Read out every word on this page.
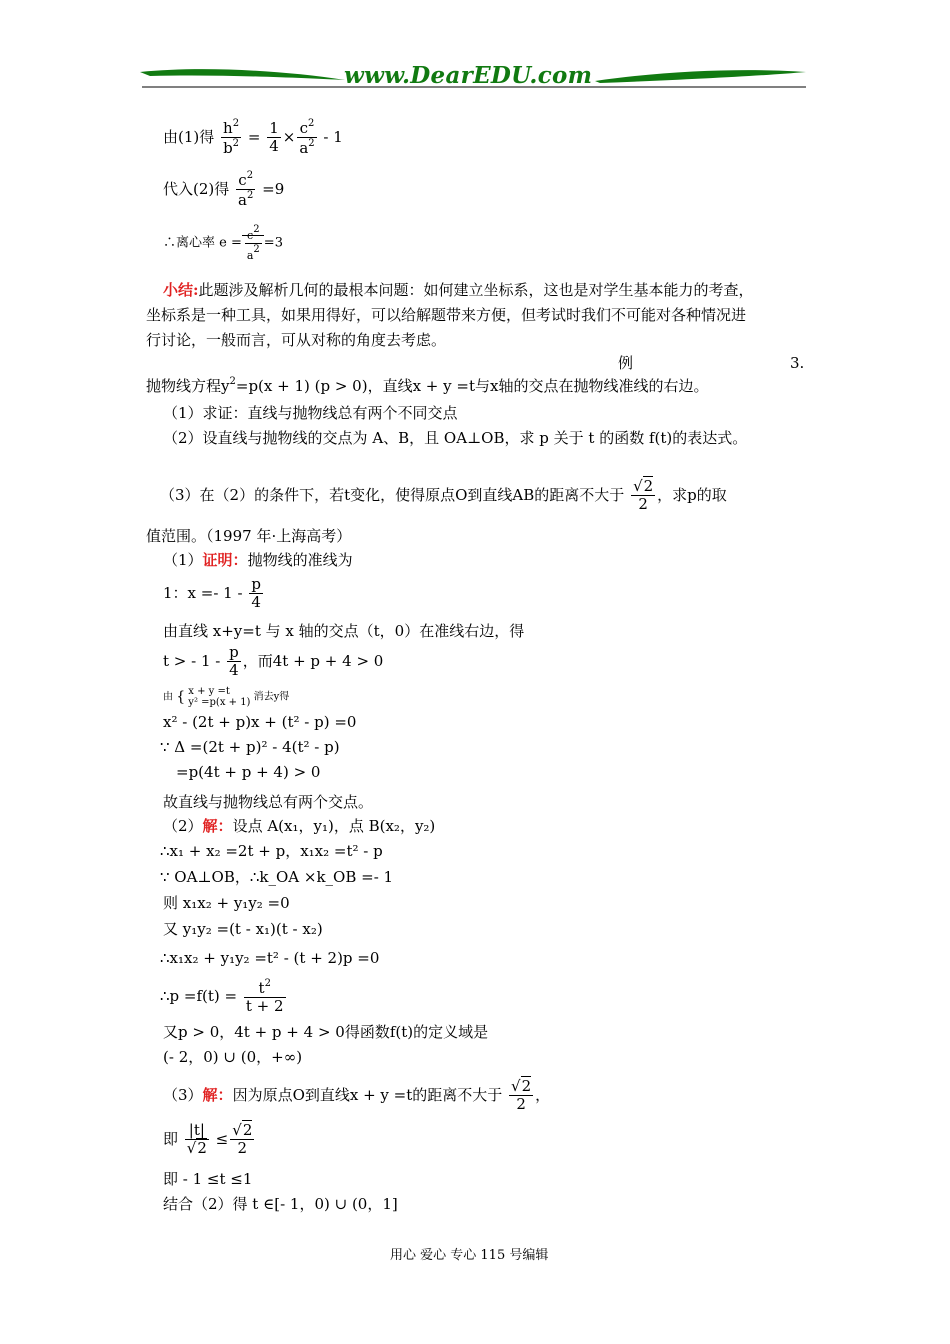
www.DearEDU.com
由(1)得 $\frac{h^2}{b^2} = \frac{1}{4} \times \frac{c^2}{a^2} - 1$
代入(2)得 $\frac{c^2}{a^2} =9$
∴离心率 $e = \frac{c2}{a2} =3$
小结:此题涉及解析几何的最根本问题：如何建立坐标系，这也是对学生基本能力的考查，
坐标系是一种工具，如果用得好，可以给解题带来方便，但考试时我们不可能对各种情况进
行讨论，一般而言，可从对称的角度去考虑。
例	3.
抛物线方程$y^2=p(x + 1) (p > 0)$，直线x + y =t与x轴的交点在抛物线准线的右边。
（1）求证：直线与抛物线总有两个不同交点
（2）设直线与抛物线的交点为 A、B，且 OA⊥OB，求 p 关于 t 的函数 f(t)的表达式。
（3）在（2）的条件下，若t变化，使得原点O到直线AB的距离不大于 $\frac{√2}{2}$ ，求p的取
值范围。（1997 年·上海高考）
（1）证明：抛物线的准线为
1：$x =- 1 - \frac{p}{4}$
由直线 x+y=t 与 x 轴的交点（t，0）在准线右边，得
t > - $1 - \frac{p}{4}$ ，而4t + p + 4 > 0
由 { x + y =t
y² =p(x + 1) 消去y得
x² - (2t + p)x + (t² - p) =0
∵ Δ =(2t + p)² - 4(t² - p)
=p(4t + p + 4) > 0
故直线与抛物线总有两个交点。
（2）解：设点 A(x₁，y₁)，点 B(x₂，y₂)
∴x₁ + x₂ =2t + p，x₁x₂ =t² - p
∵ OA⊥OB，∴k_OA ×k_OB =- 1
则 x₁x₂ + y₁y₂ =0
又 y₁y₂ =(t - x₁)(t - x₂)
∴x₁x₂ + y₁y₂ =t² - (t + 2)p =0
∴p $=f(t) = \frac{t^2}{t + 2}$
又p > 0，4t + p + 4 > 0得函数f(t)的定义域是
(- 2，0) ∪ (0，+∞)
（3）解：因为原点O到直线x + y =t的距离不大于 $\frac{√2}{2}$ ，
即 $\frac{|t|}{√2} \le \frac{√2}{2}$
即 - 1 ≤t ≤1
结合（2）得 t ∈[- 1，0) ∪ (0，1]
用心 爱心 专心 115 号编辑
